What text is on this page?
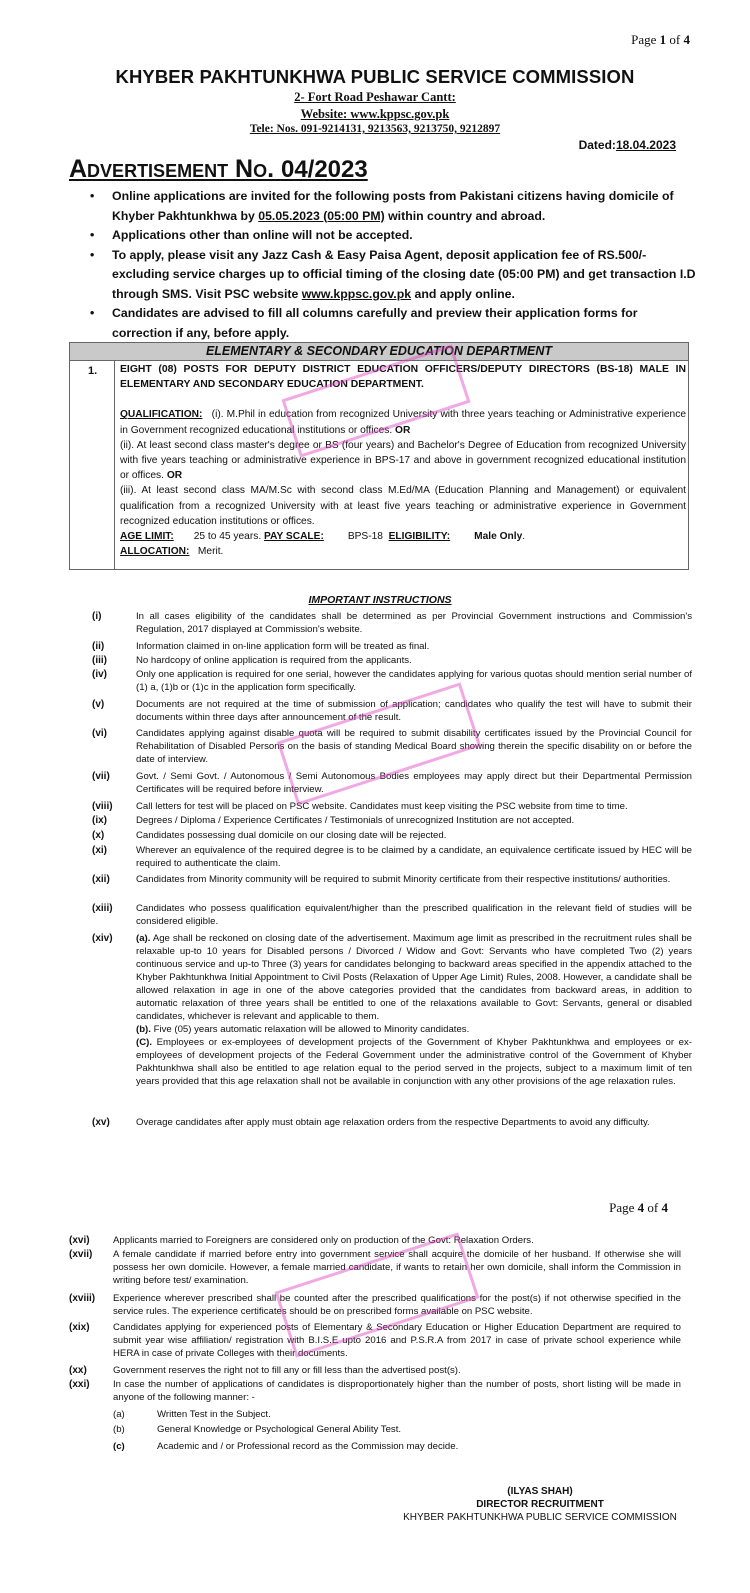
Page 1 of 4
KHYBER PAKHTUNKHWA PUBLIC SERVICE COMMISSION
2- Fort Road Peshawar Cantt:
Website: www.kppsc.gov.pk
Tele: Nos. 091-9214131, 9213563, 9213750, 9212897
Dated:18.04.2023
Advertisement No. 04/2023
• Online applications are invited for the following posts from Pakistani citizens having domicile of Khyber Pakhtunkhwa by 05.05.2023 (05:00 PM) within country and abroad.
• Applications other than online will not be accepted.
• To apply, please visit any Jazz Cash & Easy Paisa Agent, deposit application fee of RS.500/- excluding service charges up to official timing of the closing date (05:00 PM) and get transaction I.D through SMS. Visit PSC website www.kppsc.gov.pk and apply online.
• Candidates are advised to fill all columns carefully and preview their application forms for correction if any, before apply.
ELEMENTARY & SECONDARY EDUCATION DEPARTMENT
1. EIGHT (08) POSTS FOR DEPUTY DISTRICT EDUCATION OFFICERS/DEPUTY DIRECTORS (BS-18) MALE IN ELEMENTARY AND SECONDARY EDUCATION DEPARTMENT.
QUALIFICATION: (i). M.Phil in education from recognized University with three years teaching or Administrative experience in Government recognized educational institutions or offices. OR
(ii). At least second class master's degree or BS (four years) and Bachelor's Degree of Education from recognized University with five years teaching or administrative experience in BPS-17 and above in government recognized educational institution or offices. OR
(iii). At least second class MA/M.Sc with second class M.Ed/MA (Education Planning and Management) or equivalent qualification from a recognized University with at least five years teaching or administrative experience in Government recognized education institutions or offices.
AGE LIMIT: 25 to 45 years. PAY SCALE: BPS-18 ELIGIBILITY: Male Only.
ALLOCATION: Merit.
IMPORTANT INSTRUCTIONS
(i)	In all cases eligibility of the candidates shall be determined as per Provincial Government instructions and Commission's Regulation, 2017 displayed at Commission's website.
(ii)	Information claimed in on-line application form will be treated as final.
(iii)	No hardcopy of online application is required from the applicants.
(iv)	Only one application is required for one serial, however the candidates applying for various quotas should mention serial number of (1) a, (1)b or (1)c in the application form specifically.
(v)	Documents are not required at the time of submission of application; candidates who qualify the test will have to submit their documents within three days after announcement of the result.
(vi)	Candidates applying against disable quota will be required to submit disability certificates issued by the Provincial Council for Rehabilitation of Disabled Persons on the basis of standing Medical Board showing therein the specific disability on or before the date of interview.
(vii)	Govt. / Semi Govt. / Autonomous / Semi Autonomous Bodies employees may apply direct but their Departmental Permission Certificates will be required before interview.
(viii) Call letters for test will be placed on PSC website. Candidates must keep visiting the PSC website from time to time.
(ix)	Degrees / Diploma / Experience Certificates / Testimonials of unrecognized Institution are not accepted.
(x)	Candidates possessing dual domicile on our closing date will be rejected.
(xi)	Wherever an equivalence of the required degree is to be claimed by a candidate, an equivalence certificate issued by HEC will be required to authenticate the claim.
(xii)	Candidates from Minority community will be required to submit Minority certificate from their respective institutions/ authorities.
(xiii) Candidates who possess qualification equivalent/higher than the prescribed qualification in the relevant field of studies will be considered eligible.
(xiv) (a). Age shall be reckoned on closing date of the advertisement. Maximum age limit as prescribed in the recruitment rules shall be relaxable up-to 10 years for Disabled persons / Divorced / Widow and Govt: Servants who have completed Two (2) years continuous service and up-to Three (3) years for candidates belonging to backward areas specified in the appendix attached to the Khyber Pakhtunkhwa Initial Appointment to Civil Posts (Relaxation of Upper Age Limit) Rules, 2008. However, a candidate shall be allowed relaxation in age in one of the above categories provided that the candidates from backward areas, in addition to automatic relaxation of three years shall be entitled to one of the relaxations available to Govt: Servants, general or disabled candidates, whichever is relevant and applicable to them.
(b). Five (05) years automatic relaxation will be allowed to Minority candidates.
(C). Employees or ex-employees of development projects of the Government of Khyber Pakhtunkhwa and employees or ex-employees of development projects of the Federal Government under the administrative control of the Government of Khyber Pakhtunkhwa shall also be entitled to age relation equal to the period served in the projects, subject to a maximum limit of ten years provided that this age relaxation shall not be available in conjunction with any other provisions of the age relaxation rules.
(xv)	Overage candidates after apply must obtain age relaxation orders from the respective Departments to avoid any difficulty.
Page 4 of 4
(xvi) Applicants married to Foreigners are considered only on production of the Govt: Relaxation Orders.
(xvii) A female candidate if married before entry into government service shall acquire the domicile of her husband. If otherwise she will possess her own domicile. However, a female married candidate, if wants to retain her own domicile, shall inform the Commission in writing before test/ examination.
(xviii) Experience wherever prescribed shall be counted after the prescribed qualifications for the post(s) if not otherwise specified in the service rules. The experience certificates should be on prescribed forms available on PSC website.
(xix) Candidates applying for experienced posts of Elementary & Secondary Education or Higher Education Department are required to submit year wise affiliation/ registration with B.I.S.E upto 2016 and P.S.R.A from 2017 in case of private school experience while HERA in case of private Colleges with their documents.
(xx)	Government reserves the right not to fill any or fill less than the advertised post(s).
(xxi) In case the number of applications of candidates is disproportionately higher than the number of posts, short listing will be made in anyone of the following manner: -
(a)	Written Test in the Subject.
(b)	General Knowledge or Psychological General Ability Test.
(c)	Academic and / or Professional record as the Commission may decide.
(ILYAS SHAH)
DIRECTOR RECRUITMENT
KHYBER PAKHTUNKHWA PUBLIC SERVICE COMMISSION
